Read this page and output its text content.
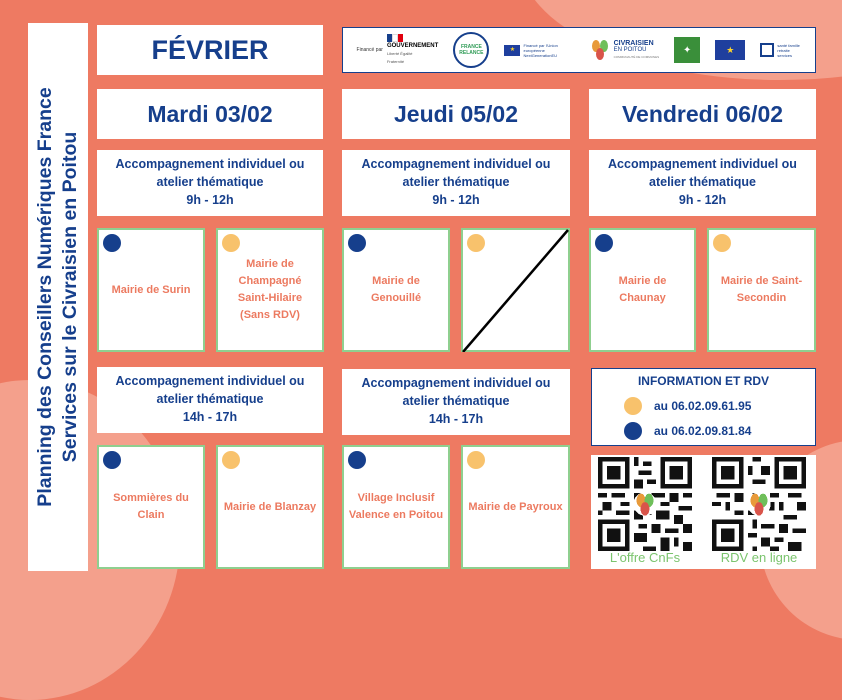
Planning des Conseillers Numériques France Services sur le Civraisien en Poitou
FÉVRIER	Financé par
GOUVERNEMENT
Liberté Égalité Fraternité
FRANCE RELANCE
★
Financé par l'Union européenne NextGenerationEU
CIVRAISIEN
EN POITOU
COMMUNAUTÉ DE COMMUNES
✦	★	santé famille retraite services
Mardi 03/02
Accompagnement individuel ou
atelier thématique
9h - 12h
Mairie de Surin
Mairie de Champagné Saint-Hilaire (Sans RDV)
Accompagnement individuel ou
atelier thématique
14h - 17h
Sommières du Clain
Mairie de Blanzay
Jeudi 05/02
Accompagnement individuel ou
atelier thématique
9h - 12h
Mairie de Genouillé
Accompagnement individuel ou
atelier thématique
14h - 17h
Village Inclusif Valence en Poitou
Mairie de Payroux
Vendredi 06/02
Accompagnement individuel ou
atelier thématique
9h - 12h
Mairie de Chaunay
Mairie de Saint-Secondin
INFORMATION ET RDV
au 06.02.09.61.95
au 06.02.09.81.84
L'offre CnFs	RDV en ligne
